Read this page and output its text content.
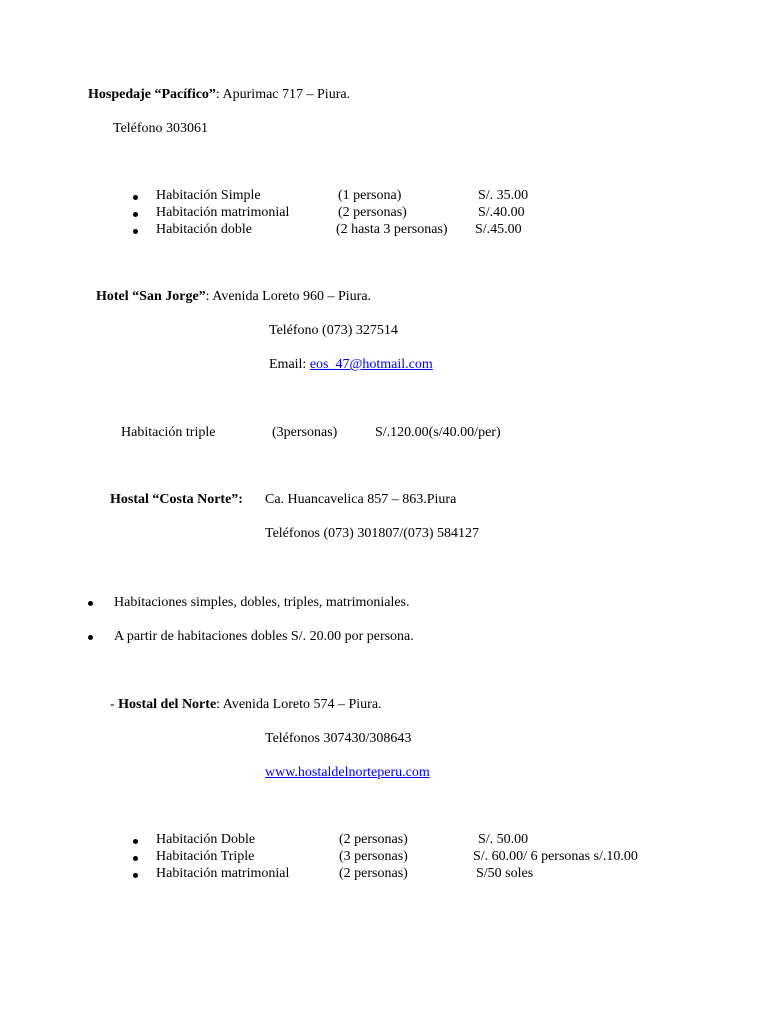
Hospedaje “Pacífico”: Apurimac 717 – Piura.
Teléfono 303061
Habitación Simple	(1 persona)	S/. 35.00
Habitación matrimonial	(2 personas)	S/.40.00
Habitación doble	(2 hasta 3 personas) S/.45.00
Hotel “San Jorge”: Avenida Loreto 960 – Piura.
Teléfono (073) 327514
Email: eos_47@hotmail.com
Habitación triple	(3personas)	S/.120.00(s/40.00/per)
Hostal “Costa Norte”: Ca. Huancavelica 857 – 863.Piura
Teléfonos (073) 301807/(073) 584127
Habitaciones simples, dobles, triples, matrimoniales.
A partir de habitaciones dobles S/. 20.00 por persona.
- Hostal del Norte: Avenida Loreto 574 – Piura.
Teléfonos 307430/308643
www.hostaldelnorteperu.com
Habitación Doble	(2 personas)	S/. 50.00
Habitación Triple	(3 personas)	S/. 60.00/ 6 personas s/.10.00
Habitación matrimonial	(2 personas)	S/50 soles
